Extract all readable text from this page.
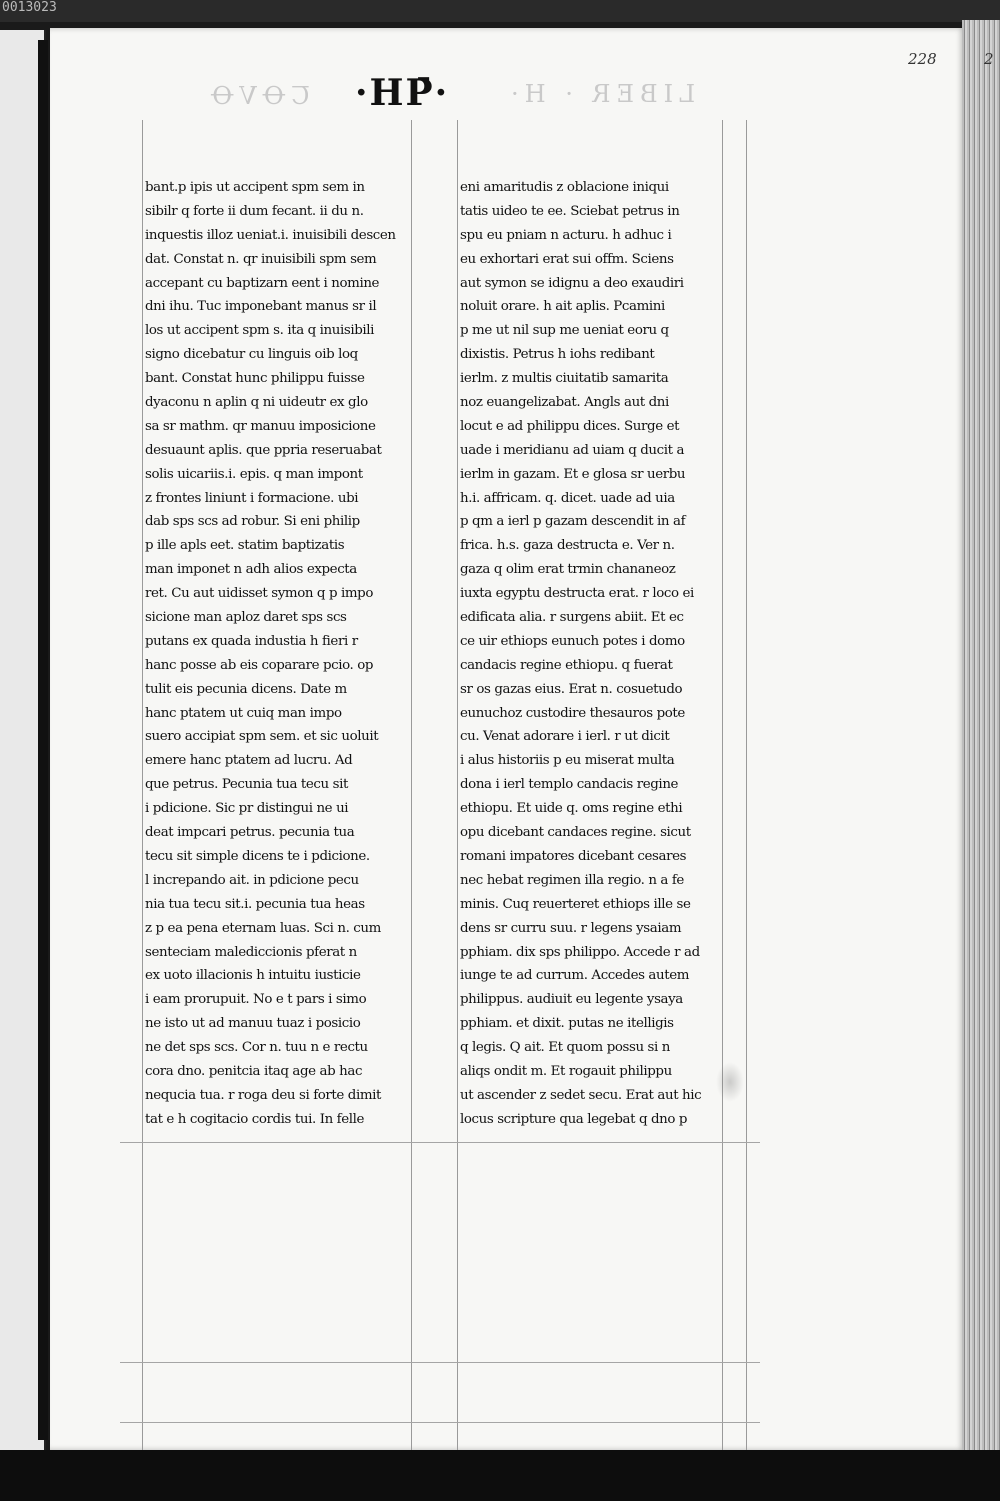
0013023
228	2
ꞆꝊVꝊ	LIBER · H·
·ΗΡ̄·
bant.p ipis ut accipent spm sem in
sibilr q forte ii dum fecant. ii du n.
inquestis illoz ueniat.i. inuisibili descen
dat. Constat n. qr inuisibili spm sem
accepant cu baptizarn eent i nomine
dni ihu. Tuc imponebant manus sr il
los ut accipent spm s. ita q inuisibili
signo dicebatur cu linguis oib loq
bant. Constat hunc philippu fuisse
dyaconu n aplin q ni uideutr ex glo
sa sr mathm. qr manuu imposicione
desuaunt aplis. que ppria reseruabat
solis uicariis.i. epis. q man impont
z frontes liniunt i formacione. ubi
dab sps scs ad robur. Si eni philip
p ille apls eet. statim baptizatis
man imponet n adh alios expecta
ret. Cu aut uidisset symon q p impo
sicione man aploz daret sps scs
putans ex quada industia h fieri r
hanc posse ab eis coparare pcio. op
tulit eis pecunia dicens. Date m
hanc ptatem ut cuiq man impo
suero accipiat spm sem. et sic uoluit
emere hanc ptatem ad lucru. Ad
que petrus. Pecunia tua tecu sit
i pdicione. Sic pr distingui ne ui
deat impcari petrus. pecunia tua
tecu sit simple dicens te i pdicione.
l increpando ait. in pdicione pecu
nia tua tecu sit.i. pecunia tua heas
z p ea pena eternam luas. Sci n. cum
senteciam malediccionis pferat n
ex uoto illacionis h intuitu iusticie
i eam prorupuit. No e t pars i simo
ne isto ut ad manuu tuaz i posicio
ne det sps scs. Cor n. tuu n e rectu
cora dno. penitcia itaq age ab hac
nequcia tua. r roga deu si forte dimit
tat e h cogitacio cordis tui. In felle
eni amaritudis z oblacione iniqui
tatis uideo te ee. Sciebat petrus in
spu eu pniam n acturu. h adhuc i
eu exhortari erat sui offm. Sciens
aut symon se idignu a deo exaudiri
noluit orare. h ait aplis. Pcamini
p me ut nil sup me ueniat eoru q
dixistis. Petrus h iohs redibant
ierlm. z multis ciuitatib samarita
noz euangelizabat. Angls aut dni
locut e ad philippu dices. Surge et
uade i meridianu ad uiam q ducit a
ierlm in gazam. Et e glosa sr uerbu
h.i. affricam. q. dicet. uade ad uia
p qm a ierl p gazam descendit in af
frica. h.s. gaza destructa e. Ver n.
gaza q olim erat trmin chananeoz
iuxta egyptu destructa erat. r loco ei
edificata alia. r surgens abiit. Et ec
ce uir ethiops eunuch potes i domo
candacis regine ethiopu. q fuerat
sr os gazas eius. Erat n. cosuetudo
eunuchoz custodire thesauros pote
cu. Venat adorare i ierl. r ut dicit
i alus historiis p eu miserat multa
dona i ierl templo candacis regine
ethiopu. Et uide q. oms regine ethi
opu dicebant candaces regine. sicut
romani impatores dicebant cesares
nec hebat regimen illa regio. n a fe
minis. Cuq reuerteret ethiops ille se
dens sr curru suu. r legens ysaiam
pphiam. dix sps philippo. Accede r ad
iunge te ad currum. Accedes autem
philippus. audiuit eu legente ysaya
pphiam. et dixit. putas ne itelligis
q legis. Q ait. Et quom possu si n
aliqs ondit m. Et rogauit philippu
ut ascender z sedet secu. Erat aut hic
locus scripture qua legebat q dno p
